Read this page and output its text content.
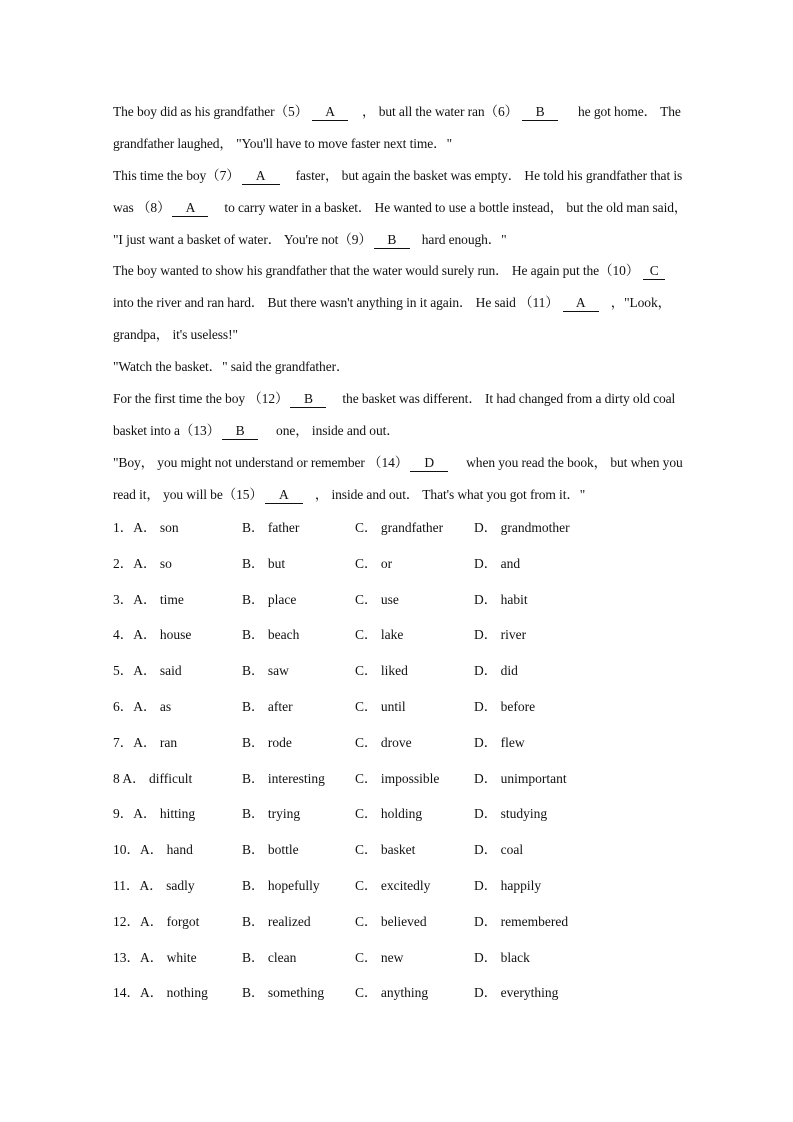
The boy did as his grandfather（5） A ， but all the water ran（6） B he got home． The
grandfather laughed， "You'll have to move faster next time．"
This time the boy（7） A faster， but again the basket was empty． He told his grandfather that is
was （8） A to carry water in a basket． He wanted to use a bottle instead， but the old man said，
"I just want a basket of water． You're not（9） B hard enough．"
The boy wanted to show his grandfather that the water would surely run． He again put the（10） C
into the river and ran hard． But there wasn't anything in it again． He said （11） A ，"Look，
grandpa， it's useless!"
"Watch the basket．" said the grandfather．
For the first time the boy （12） B the basket was different． It had changed from a dirty old coal
basket into a（13） B one， inside and out．
"Boy， you might not understand or remember （14） D when you read the book， but when you
read it， you will be（15） A ， inside and out． That's what you got from it．"
1．A． son	B． father	C． grandfather D． grandmother
2．A． so	B． but	C． or	D． and
3．A． time	B． place	C． use	D． habit
4．A． house	B． beach	C． lake	D． river
5．A． said	B． saw	C． liked	D． did
6．A． as	B． after	C． until	D． before
7．A． ran	B． rode	C． drove	D． flew
8 A． difficult	B． interesting C． impossible	D． unimportant
9．A． hitting	B． trying	C． holding	D． studying
10．A． hand	B． bottle	C． basket	D． coal
11．A． sadly	B． hopefully	C． excitedly	D． happily
12．A． forgot	B． realized	C． believed	D． remembered
13．A． white	B． clean	C． new	D． black
14．A． nothing	B． something C． anything	D． everything
